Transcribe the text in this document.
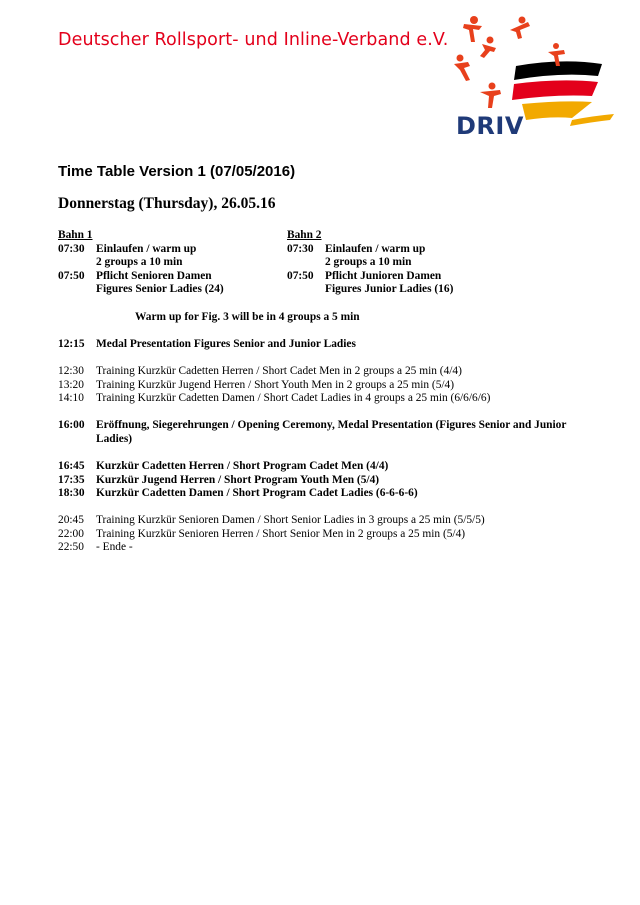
Deutscher Rollsport- und Inline-Verband e.V.
DRIV
Time Table Version 1 (07/05/2016)
Donnerstag (Thursday), 26.05.16
Bahn 1
07:30	Einlaufen / warm up
2 groups a 10 min
07:50	Pflicht Senioren Damen
Figures Senior Ladies (24)
Bahn 2
07:30	Einlaufen / warm up
2 groups a 10 min
07:50	Pflicht Junioren Damen
Figures Junior Ladies (16)
Warm up for Fig. 3 will be in 4 groups a 5 min
12:15	Medal Presentation Figures Senior and Junior Ladies
12:30	Training Kurzkür Cadetten Herren / Short Cadet Men in 2 groups a 25 min (4/4)
13:20	Training Kurzkür Jugend Herren / Short Youth Men in 2 groups a 25 min (5/4)
14:10	Training Kurzkür Cadetten Damen / Short Cadet Ladies in 4 groups a 25 min (6/6/6/6)
16:00	Eröffnung, Siegerehrungen / Opening Ceremony, Medal Presentation (Figures Senior and Junior Ladies)
16:45	Kurzkür Cadetten Herren / Short Program Cadet Men (4/4)
17:35	Kurzkür Jugend Herren / Short Program Youth Men (5/4)
18:30	Kurzkür Cadetten Damen / Short Program Cadet Ladies (6-6-6-6)
20:45	Training Kurzkür Senioren Damen / Short Senior Ladies in 3 groups a 25 min (5/5/5)
22:00	Training Kurzkür Senioren Herren / Short Senior Men in 2 groups a 25 min (5/4)
22:50	- Ende -
